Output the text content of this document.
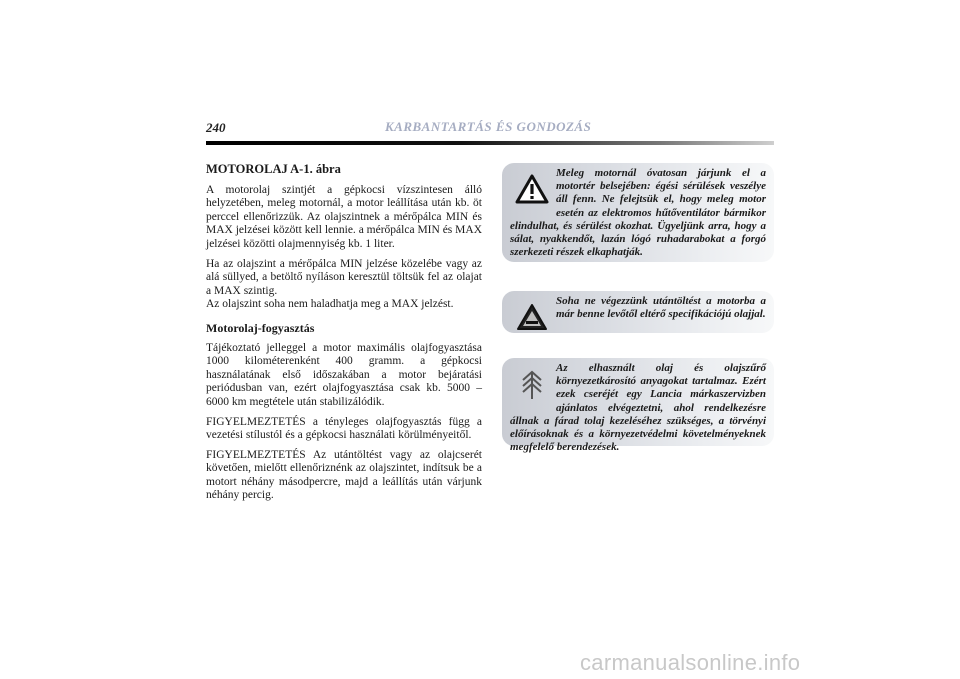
240	KARBANTARTÁS ÉS GONDOZÁS
MOTOROLAJ A-1. ábra

A motorolaj szintjét a gépkocsi vízszintesen álló helyzetében, meleg motornál, a motor leállítása után kb. öt perccel ellenőrizzük. Az olajszintnek a mérőpálca MIN és MAX jelzései között kell lennie. a mérőpálca MIN és MAX jelzései közötti olajmennyiség kb. 1 liter.

Ha az olajszint a mérőpálca MIN jelzése közelébe vagy az alá süllyed, a betöltő nyíláson keresztül töltsük fel az olajat a MAX szintig.

Az olajszint soha nem haladhatja meg a MAX jelzést.

Motorolaj-fogyasztás

Tájékoztató jelleggel a motor maximális olajfogyasztása 1000 kilométerenként 400 gramm. a gépkocsi használatának első időszakában a motor bejáratási periódusban van, ezért olajfogyasztása csak kb. 5000 – 6000 km megtétele után stabilizálódik.

FIGYELMEZTETÉS a tényleges olajfogyasztás függ a vezetési stílustól és a gépkocsi használati körülményeitől.

FIGYELMEZTETÉS Az utántöltést vagy az olajcserét követően, mielőtt ellenőriznénk az olajszintet, indítsuk be a motort néhány másodpercre, majd a leállítás után várjunk néhány percig.

Meleg motornál óvatosan járjunk el a motortér belsejében: égési sérülések veszélye áll fenn. Ne felejtsük el, hogy meleg motor esetén az elektromos hűtőventilátor bármikor elindulhat, és sérülést okozhat. Ügyeljünk arra, hogy a sálat, nyakkendőt, lazán lógó ruhadarabokat a forgó szerkezeti részek elkaphatják.
Soha ne végezzünk utántöltést a motorba a már benne levőtől eltérő specifikációjú olajjal.
Az elhasznált olaj és olajszűrő környezetkárosító anyagokat tartalmaz. Ezért ezek cseréjét egy Lancia márkaszervizben ajánlatos elvégeztetni, ahol rendelkezésre állnak a fárad tolaj kezeléséhez szükséges, a törvényi előírásoknak és a környezetvédelmi követelményeknek megfelelő berendezések.
carmanualsonline.info
